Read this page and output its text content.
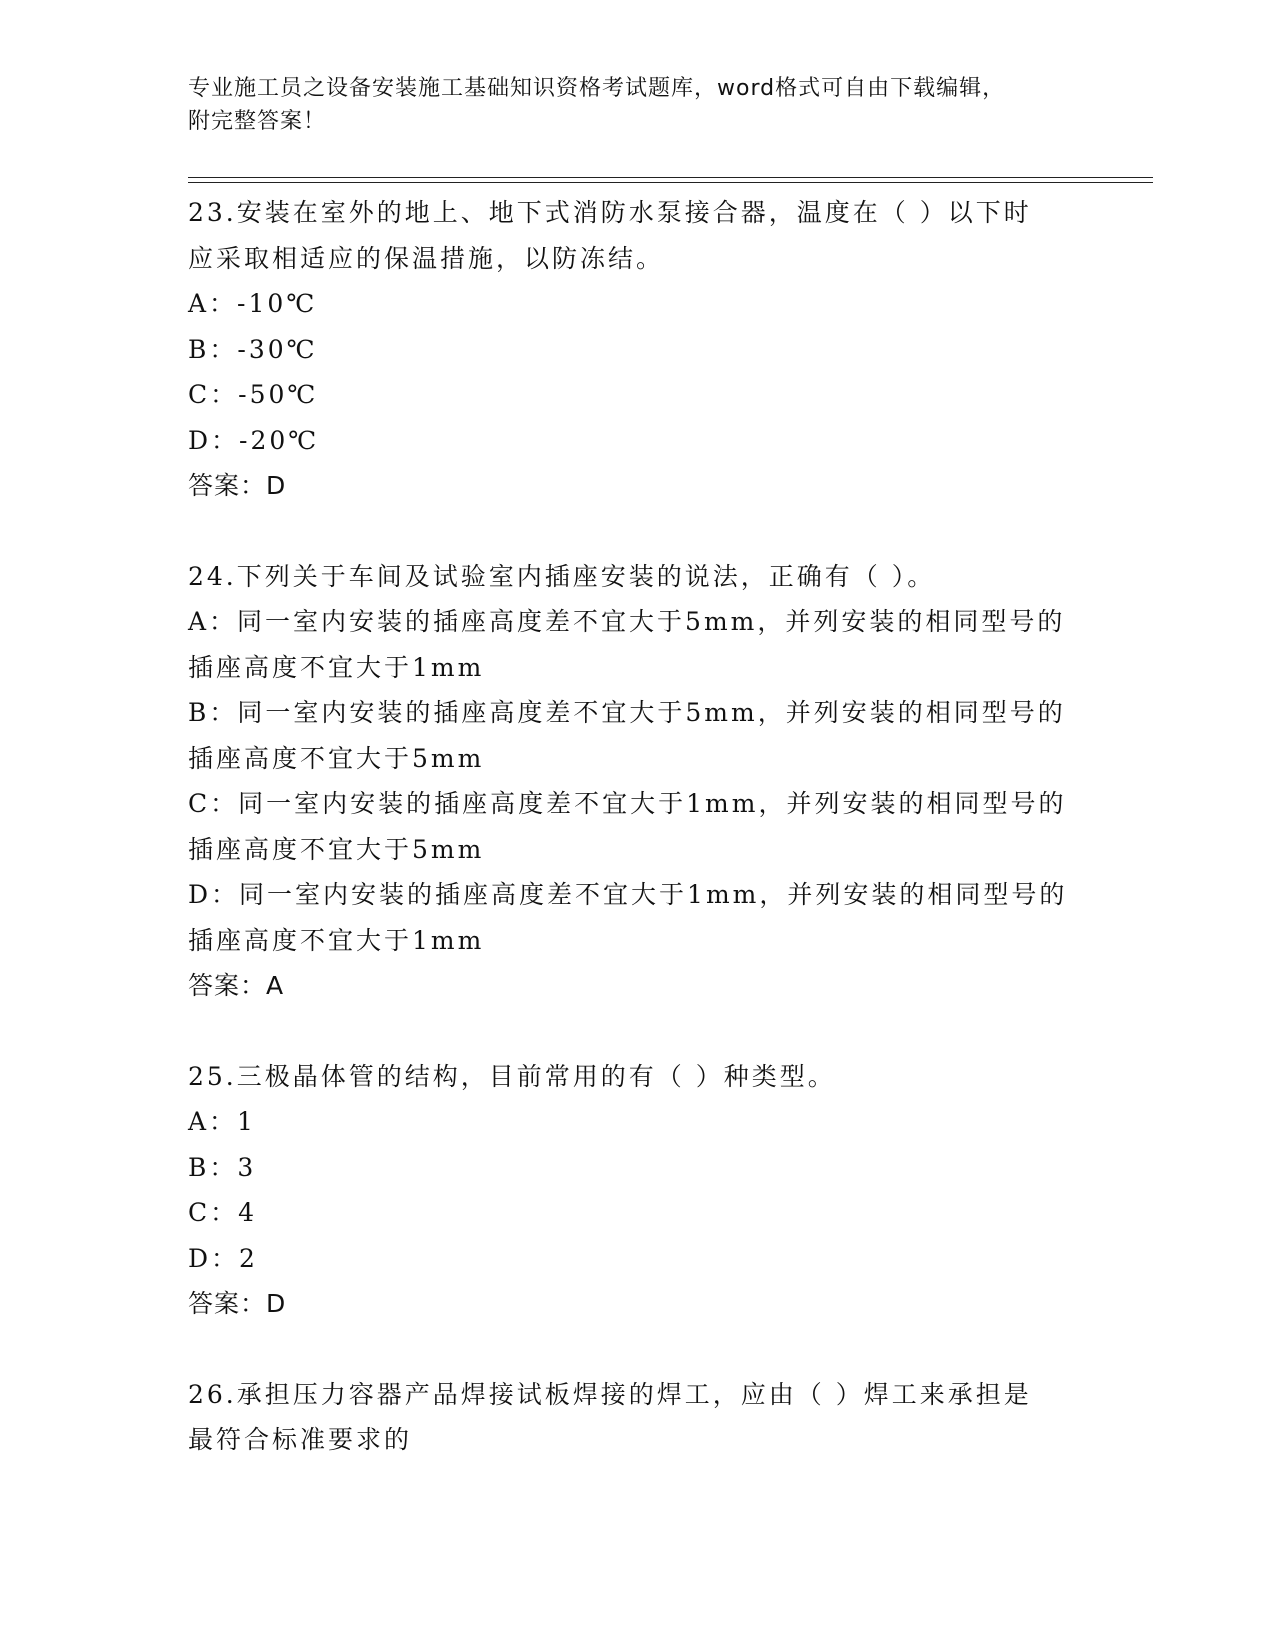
专业施工员之设备安装施工基础知识资格考试题库，word格式可自由下载编辑，
附完整答案！
23.安装在室外的地上、地下式消防水泵接合器，温度在（ ）以下时
应采取相适应的保温措施，以防冻结。
A：-10℃
B：-30℃
C：-50℃
D：-20℃
答案：D
24.下列关于车间及试验室内插座安装的说法，正确有（ ）。
A：同一室内安装的插座高度差不宜大于5mm，并列安装的相同型号的
插座高度不宜大于1mm
B：同一室内安装的插座高度差不宜大于5mm，并列安装的相同型号的
插座高度不宜大于5mm
C：同一室内安装的插座高度差不宜大于1mm，并列安装的相同型号的
插座高度不宜大于5mm
D：同一室内安装的插座高度差不宜大于1mm，并列安装的相同型号的
插座高度不宜大于1mm
答案：A
25.三极晶体管的结构，目前常用的有（ ）种类型。
A：1
B：3
C：4
D：2
答案：D
26.承担压力容器产品焊接试板焊接的焊工，应由（ ）焊工来承担是
最符合标准要求的
